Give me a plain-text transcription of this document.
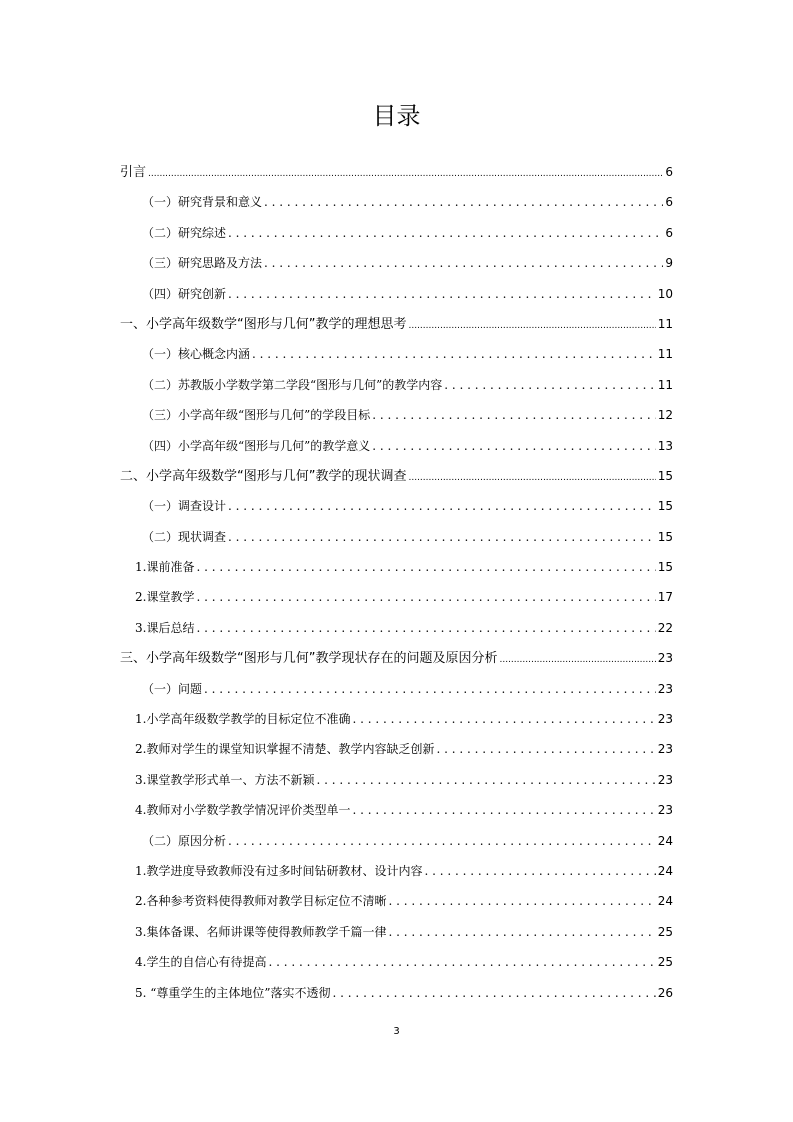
目录
引言 .....	6
（一）研究背景和意义 . . .	6
（二）研究综述 . . .	6
（三）研究思路及方法 . . .	9
（四）研究创新 . . .	10
一、小学高年级数学“图形与几何”教学的理想思考 .....	11
（一）核心概念内涵 . . .	11
（二）苏教版小学数学第二学段“图形与几何”的教学内容 . . .	11
（三）小学高年级“图形与几何”的学段目标 . . .	12
（四）小学高年级“图形与几何”的教学意义 . . .	13
二、小学高年级数学“图形与几何”教学的现状调查 .....	15
（一）调查设计 . . .	15
（二）现状调查 . . .	15
1.课前准备 . . .	15
2.课堂教学 . . .	17
3.课后总结 . . .	22
三、小学高年级数学“图形与几何”教学现状存在的问题及原因分析 .....	23
（一）问题 . . .	23
1.小学高年级数学教学的目标定位不准确 . . .	23
2.教师对学生的课堂知识掌握不清楚、教学内容缺乏创新 . . .	23
3.课堂教学形式单一、方法不新颖 . . .	23
4.教师对小学数学教学情况评价类型单一 . . .	23
（二）原因分析 . . .	24
1.教学进度导致教师没有过多时间钻研教材、设计内容 . . .	24
2.各种参考资料使得教师对教学目标定位不清晰 . . .	24
3.集体备课、名师讲课等使得教师教学千篇一律 . . .	25
4.学生的自信心有待提高 . . .	25
5. “尊重学生的主体地位”落实不透彻 . . .	26
3
